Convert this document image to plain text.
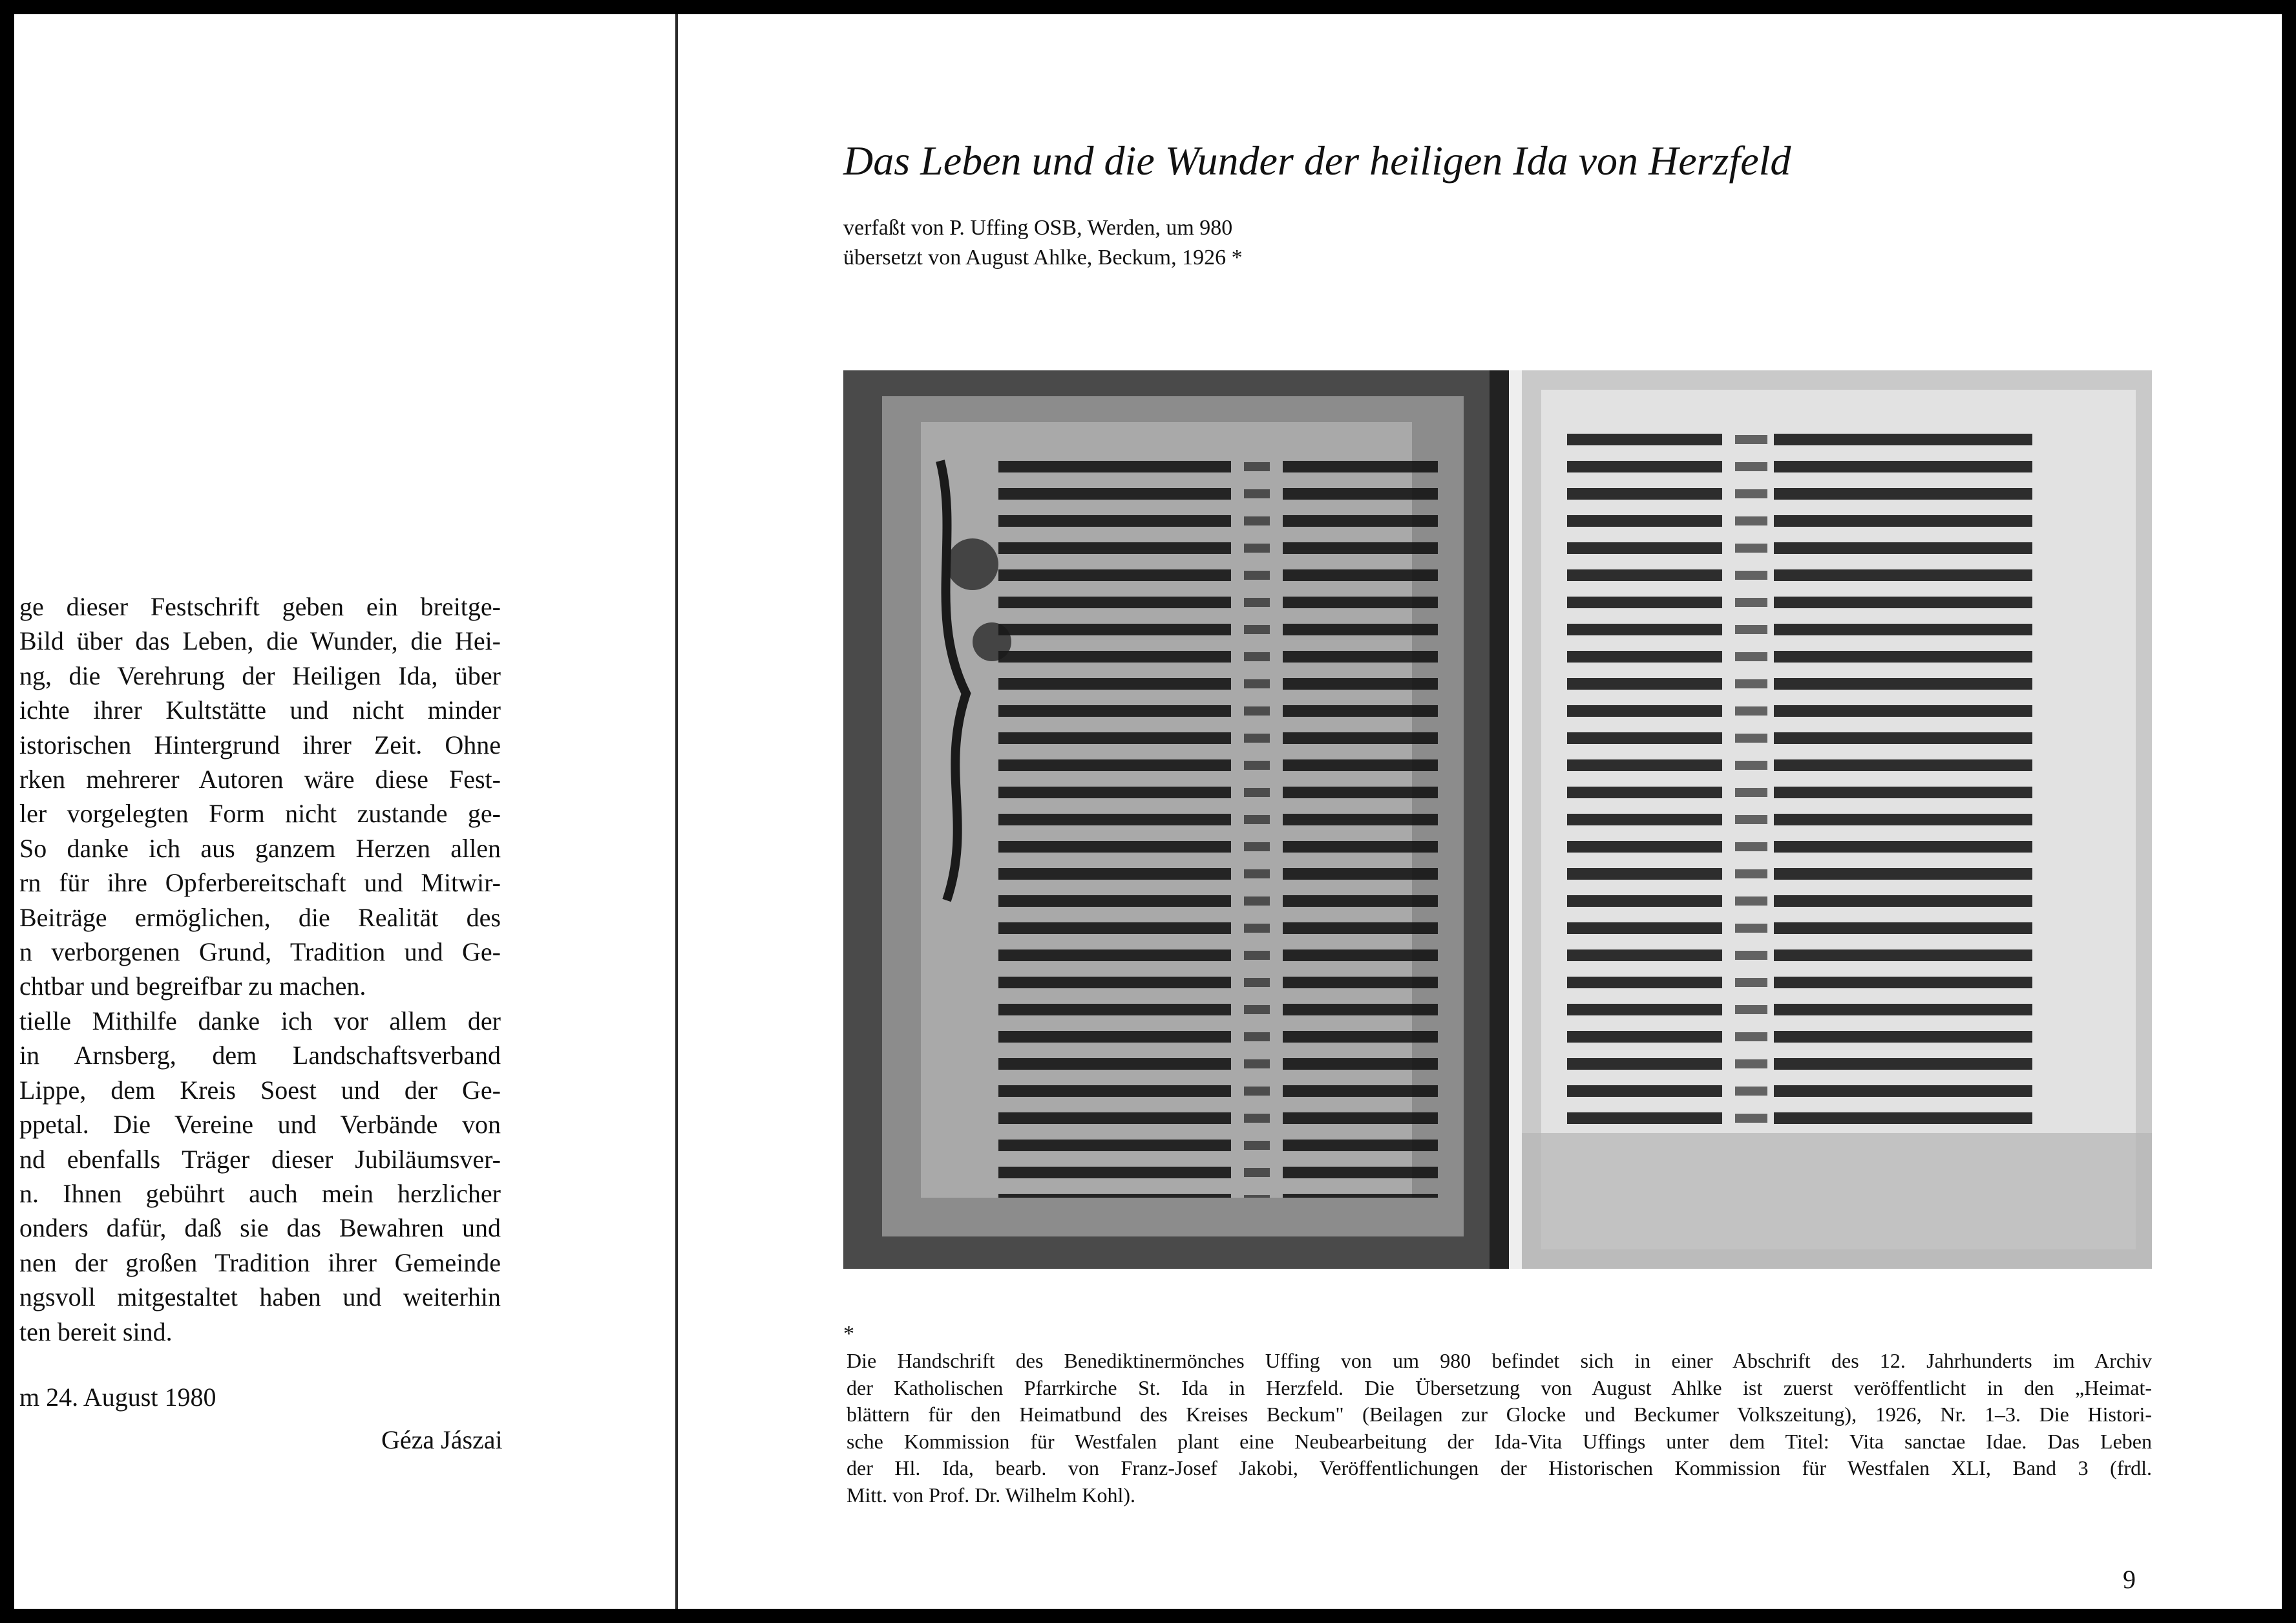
ge dieser Festschrift geben ein breitge-
Bild über das Leben, die Wunder, die Hei-
ng, die Verehrung der Heiligen Ida, über
ichte ihrer Kultstätte und nicht minder
istorischen Hintergrund ihrer Zeit. Ohne
rken mehrerer Autoren wäre diese Fest-
ler vorgelegten Form nicht zustande ge-
So danke ich aus ganzem Herzen allen
rn für ihre Opferbereitschaft und Mitwir-
Beiträge ermöglichen, die Realität des
n verborgenen Grund, Tradition und Ge-
chtbar und begreifbar zu machen.
tielle Mithilfe danke ich vor allem der
in Arnsberg, dem Landschaftsverband
Lippe, dem Kreis Soest und der Ge-
ppetal. Die Vereine und Verbände von
nd ebenfalls Träger dieser Jubiläumsver-
n. Ihnen gebührt auch mein herzlicher
onders dafür, daß sie das Bewahren und
nen der großen Tradition ihrer Gemeinde
ngsvoll mitgestaltet haben und weiterhin
ten bereit sind.
m 24. August 1980
Géza Jászai
Das Leben und die Wunder der heiligen Ida von Herzfeld
verfaßt von P. Uffing OSB, Werden, um 980
übersetzt von August Ahlke, Beckum, 1926 *
*
Die Handschrift des Benediktinermönches Uffing von um 980 befindet sich in einer Abschrift des 12. Jahrhunderts im Archiv
der Katholischen Pfarrkirche St. Ida in Herzfeld. Die Übersetzung von August Ahlke ist zuerst veröffentlicht in den „Heimat-
blättern für den Heimatbund des Kreises Beckum" (Beilagen zur Glocke und Beckumer Volkszeitung), 1926, Nr. 1–3. Die Histori-
sche Kommission für Westfalen plant eine Neubearbeitung der Ida-Vita Uffings unter dem Titel: Vita sanctae Idae. Das Leben
der Hl. Ida, bearb. von Franz-Josef Jakobi, Veröffentlichungen der Historischen Kommission für Westfalen XLI, Band 3 (frdl.
Mitt. von Prof. Dr. Wilhelm Kohl).
9
